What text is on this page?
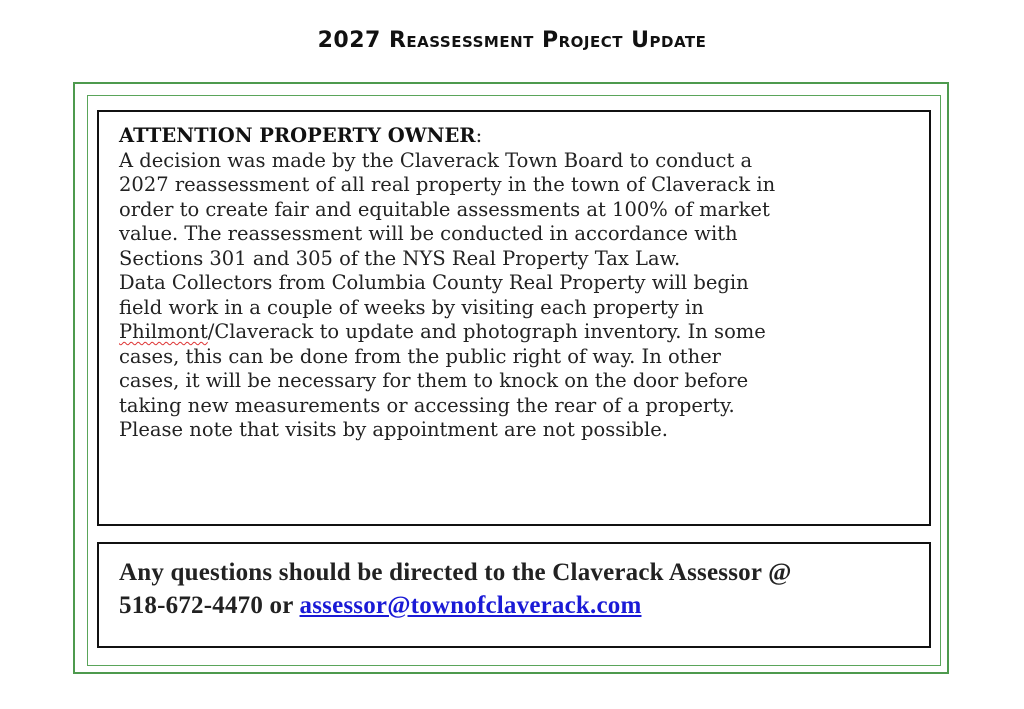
2027 Reassessment Project Update
ATTENTION PROPERTY OWNER:
A decision was made by the Claverack Town Board to conduct a
2027 reassessment of all real property in the town of Claverack in
order to create fair and equitable assessments at 100% of market
value. The reassessment will be conducted in accordance with
Sections 301 and 305 of the NYS Real Property Tax Law.
Data Collectors from Columbia County Real Property will begin
field work in a couple of weeks by visiting each property in
Philmont/Claverack to update and photograph inventory. In some
cases, this can be done from the public right of way. In other
cases, it will be necessary for them to knock on the door before
taking new measurements or accessing the rear of a property.
Please note that visits by appointment are not possible.
Any questions should be directed to the Claverack Assessor @
518-672-4470 or assessor@townofclaverack.com
